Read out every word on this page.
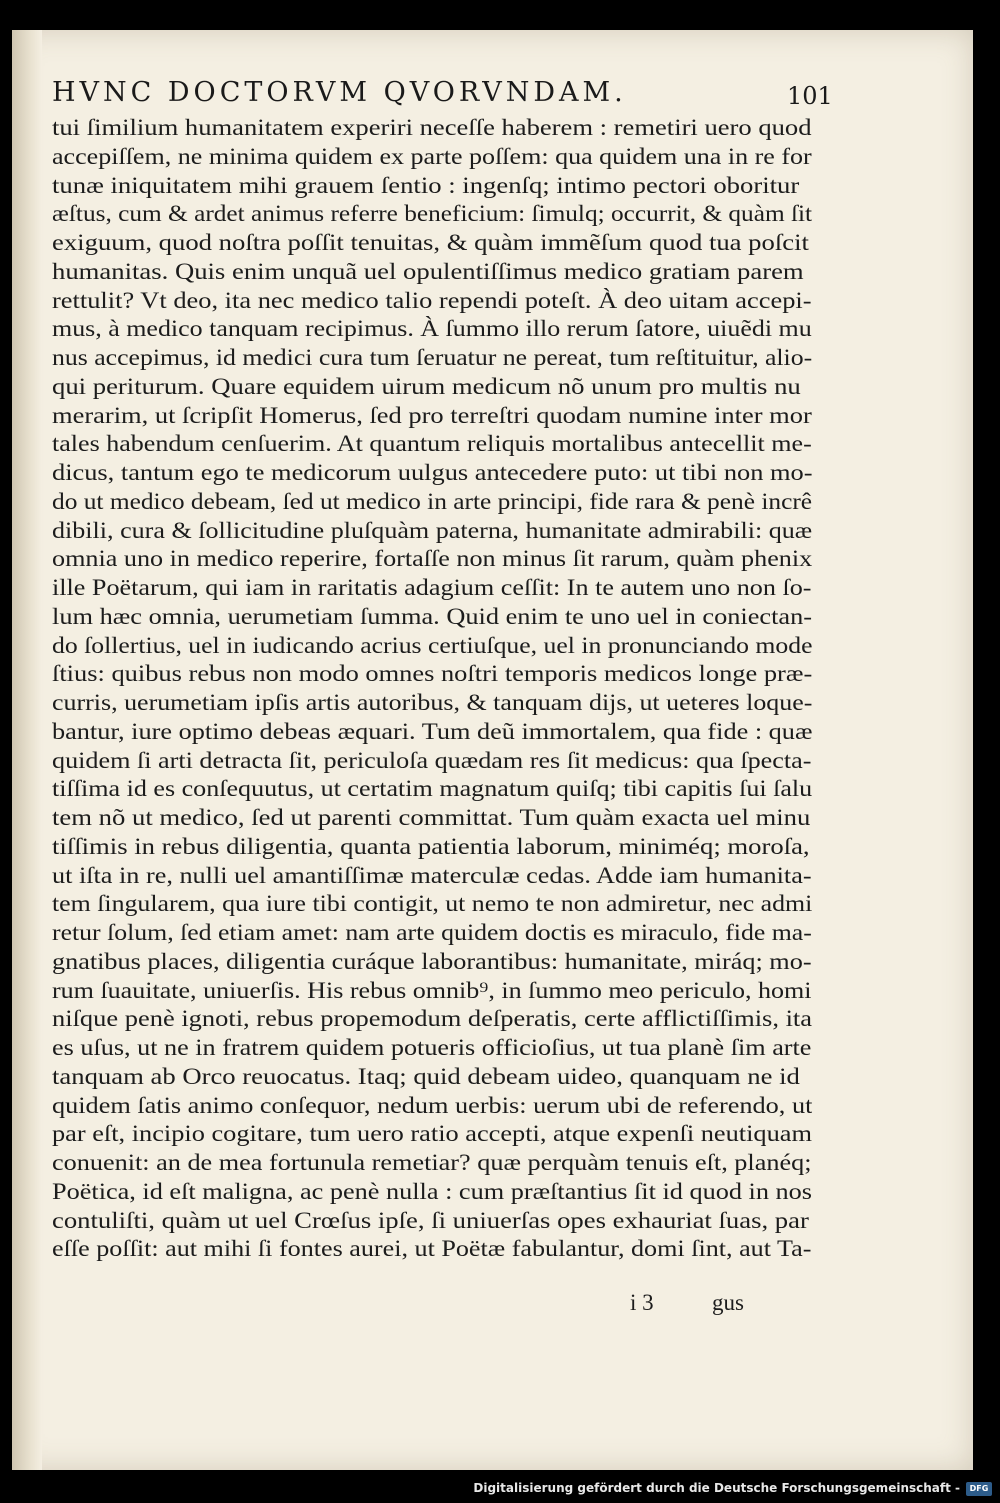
HVNC DOCTORVM QVORVNDAM.	101
tui ſimilium humanitatem experiri neceſſe haberem : remetiri uero quod
accepiſſem, ne minima quidem ex parte poſſem: qua quidem una in re for
tunæ iniquitatem mihi grauem ſentio : ingenſq; intimo pectori oboritur
æſtus, cum & ardet animus referre beneficium: ſimulq; occurrit, & quàm ſit
exiguum, quod noſtra poſſit tenuitas, & quàm immẽſum quod tua poſcit
humanitas. Quis enim unquã uel opulentiſſimus medico gratiam parem
rettulit? Vt deo, ita nec medico talio rependi poteſt. À deo uitam accepi-
mus, à medico tanquam recipimus. À ſummo illo rerum ſatore, uiuẽdi mu
nus accepimus, id medici cura tum ſeruatur ne pereat, tum reſtituitur, alio-
qui periturum. Quare equidem uirum medicum nõ unum pro multis nu
merarim, ut ſcripſit Homerus, ſed pro terreſtri quodam numine inter mor
tales habendum cenſuerim. At quantum reliquis mortalibus antecellit me-
dicus, tantum ego te medicorum uulgus antecedere puto: ut tibi non mo-
do ut medico debeam, ſed ut medico in arte principi, fide rara & penè incrê
dibili, cura & ſollicitudine pluſquàm paterna, humanitate admirabili: quæ
omnia uno in medico reperire, fortaſſe non minus ſit rarum, quàm phenix
ille Poëtarum, qui iam in raritatis adagium ceſſit: In te autem uno non ſo-
lum hæc omnia, uerumetiam ſumma. Quid enim te uno uel in coniectan-
do ſollertius, uel in iudicando acrius certiuſque, uel in pronunciando mode
ſtius: quibus rebus non modo omnes noſtri temporis medicos longe præ-
curris, uerumetiam ipſis artis autoribus, & tanquam dijs, ut ueteres loque-
bantur, iure optimo debeas æquari. Tum deũ immortalem, qua fide : quæ
quidem ſi arti detracta ſit, periculoſa quædam res ſit medicus: qua ſpecta-
tiſſima id es conſequutus, ut certatim magnatum quiſq; tibi capitis ſui ſalu
tem nõ ut medico, ſed ut parenti committat. Tum quàm exacta uel minu
tiſſimis in rebus diligentia, quanta patientia laborum, miniméq; moroſa,
ut iſta in re, nulli uel amantiſſimæ materculæ cedas. Adde iam humanita-
tem ſingularem, qua iure tibi contigit, ut nemo te non admiretur, nec admi
retur ſolum, ſed etiam amet: nam arte quidem doctis es miraculo, fide ma-
gnatibus places, diligentia curáque laborantibus: humanitate, miráq; mo-
rum ſuauitate, uniuerſis. His rebus omnib⁹, in ſummo meo periculo, homi
niſque penè ignoti, rebus propemodum deſperatis, certe afflictiſſimis, ita
es uſus, ut ne in fratrem quidem potueris officioſius, ut tua planè ſim arte
tanquam ab Orco reuocatus. Itaq; quid debeam uideo, quanquam ne id
quidem ſatis animo conſequor, nedum uerbis: uerum ubi de referendo, ut
par eſt, incipio cogitare, tum uero ratio accepti, atque expenſi neutiquam
conuenit: an de mea fortunula remetiar? quæ perquàm tenuis eſt, planéq;
Poëtica, id eſt maligna, ac penè nulla : cum præſtantius ſit id quod in nos
contuliſti, quàm ut uel Crœſus ipſe, ſi uniuerſas opes exhauriat ſuas, par
eſſe poſſit: aut mihi ſi fontes aurei, ut Poëtæ fabulantur, domi ſint, aut Ta-
i 3	gus
Digitalisierung gefördert durch die Deutsche Forschungsgemeinschaft -	DFG
